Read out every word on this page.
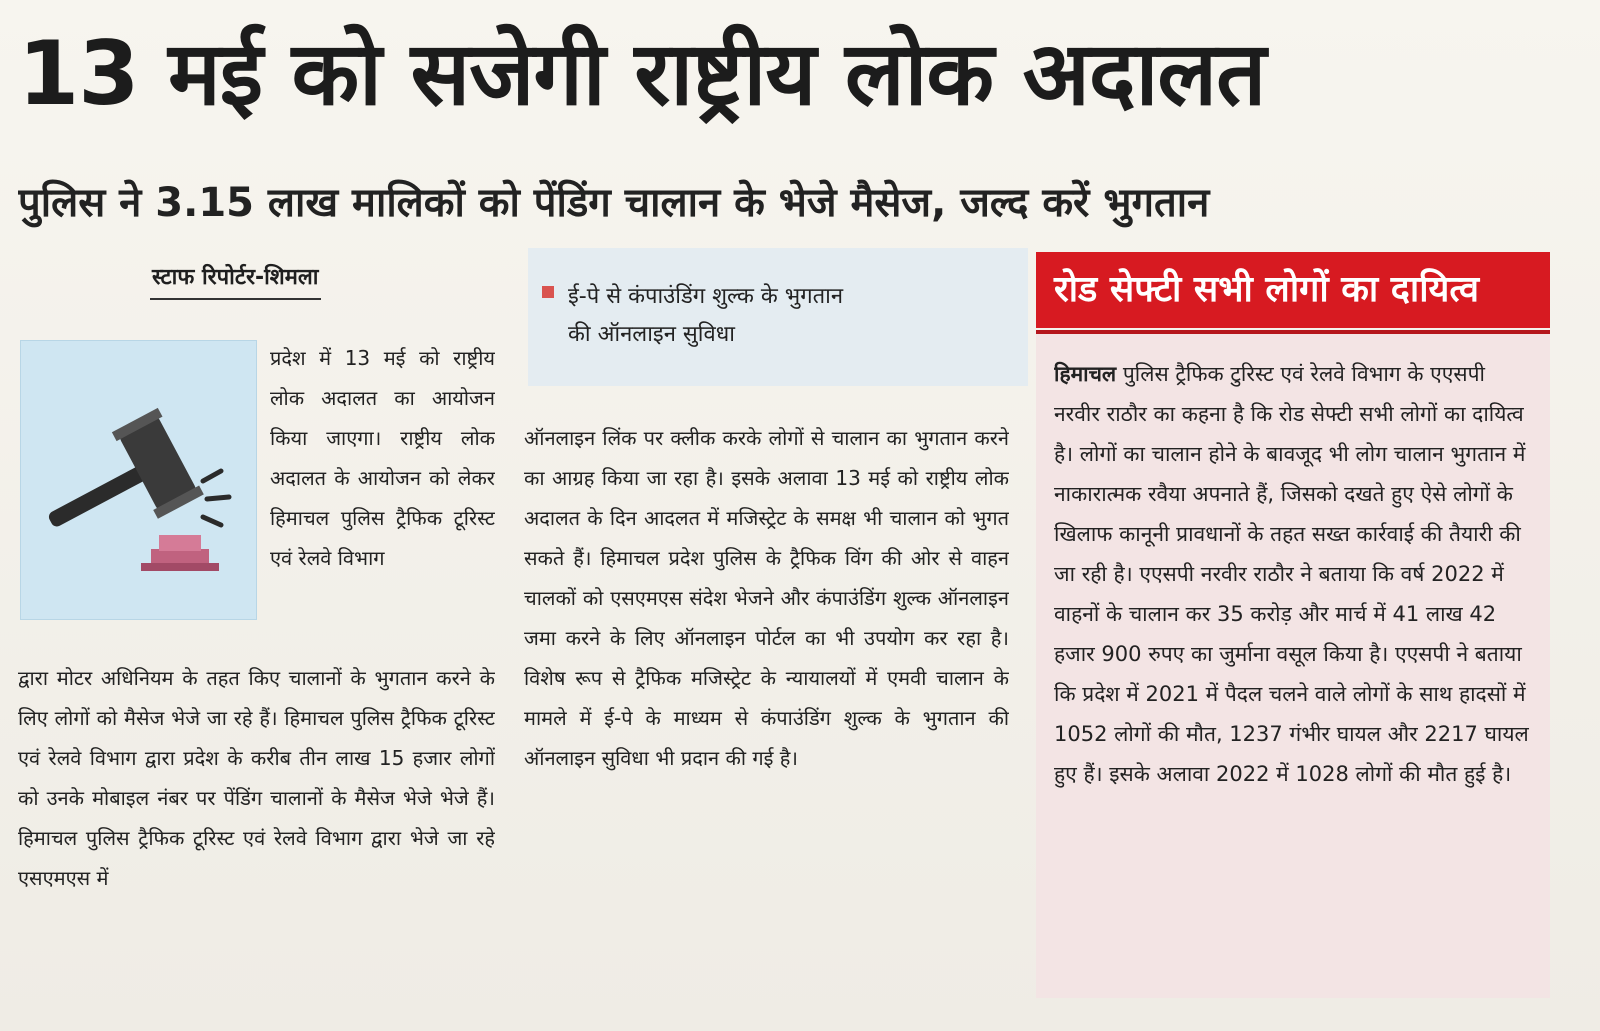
13 मई को सजेगी राष्ट्रीय लोक अदालत
पुलिस ने 3.15 लाख मालिकों को पेंडिंग चालान के भेजे मैसेज, जल्द करें भुगतान
स्टाफ रिपोर्टर-शिमला
ई-पे से कंपाउंडिंग शुल्क के भुगतान
की ऑनलाइन सुविधा
प्रदेश में 13 मई को राष्ट्रीय लोक अदालत का आयोजन किया जाएगा। राष्ट्रीय लोक अदालत के आयोजन को लेकर हिमाचल पुलिस ट्रैफिक टूरिस्ट एवं रेलवे विभाग
द्वारा मोटर अधिनियम के तहत किए चालानों के भुगतान करने के लिए लोगों को मैसेज भेजे जा रहे हैं। हिमाचल पुलिस ट्रैफिक टूरिस्ट एवं रेलवे विभाग द्वारा प्रदेश के करीब तीन लाख 15 हजार लोगों को उनके मोबाइल नंबर पर पेंडिंग चालानों के मैसेज भेजे भेजे हैं। हिमाचल पुलिस ट्रैफिक टूरिस्ट एवं रेलवे विभाग द्वारा भेजे जा रहे एसएमएस में
ऑनलाइन लिंक पर क्लीक करके लोगों से चालान का भुगतान करने का आग्रह किया जा रहा है। इसके अलावा 13 मई को राष्ट्रीय लोक अदालत के दिन आदलत में मजिस्ट्रेट के समक्ष भी चालान को भुगत सकते हैं। हिमाचल प्रदेश पुलिस के ट्रैफिक विंग की ओर से वाहन चालकों को एसएमएस संदेश भेजने और कंपाउंडिंग शुल्क ऑनलाइन जमा करने के लिए ऑनलाइन पोर्टल का भी उपयोग कर रहा है। विशेष रूप से ट्रैफिक मजिस्ट्रेट के न्यायालयों में एमवी चालान के मामले में ई-पे के माध्यम से कंपाउंडिंग शुल्क के भुगतान की ऑनलाइन सुविधा भी प्रदान की गई है।
रोड सेफ्टी सभी लोगों का दायित्व
हिमाचल पुलिस ट्रैफिक टुरिस्ट एवं रेलवे विभाग के एएसपी नरवीर राठौर का कहना है कि रोड सेफ्टी सभी लोगों का दायित्व है। लोगों का चालान होने के बावजूद भी लोग चालान भुगतान में नाकारात्मक रवैया अपनाते हैं, जिसको दखते हुए ऐसे लोगों के खिलाफ कानूनी प्रावधानों के तहत सख्त कार्रवाई की तैयारी की जा रही है। एएसपी नरवीर राठौर ने बताया कि वर्ष 2022 में वाहनों के चालान कर 35 करोड़ और मार्च में 41 लाख 42 हजार 900 रुपए का जुर्माना वसूल किया है। एएसपी ने बताया कि प्रदेश में 2021 में पैदल चलने वाले लोगों के साथ हादसों में 1052 लोगों की मौत, 1237 गंभीर घायल और 2217 घायल हुए हैं। इसके अलावा 2022 में 1028 लोगों की मौत हुई है।
